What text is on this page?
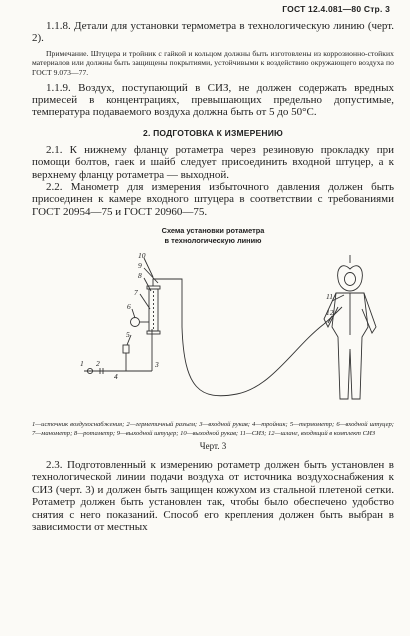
ГОСТ 12.4.081—80 Стр. 3

1.1.8. Детали для установки термометра в технологическую линию (черт. 2).

Примечание. Штуцера и тройник с гайкой и кольцом должны быть изготовлены из коррозионно-стойких материалов или должны быть защищены покрытиями, устойчивыми к воздействию окружающего воздуха по ГОСТ 9.073—77.

1.1.9. Воздух, поступающий в СИЗ, не должен содержать вредных примесей в концентрациях, превышающих предельно допустимые, температура подаваемого воздуха должна быть от 5 до 50°С.

2. ПОДГОТОВКА К ИЗМЕРЕНИЮ

2.1. К нижнему фланцу ротаметра через резиновую прокладку при помощи болтов, гаек и шайб следует присоединить входной штуцер, а к верхнему фланцу ротаметра — выходной.

2.2. Манометр для измерения избыточного давления должен быть присоединен к камере входного штуцера в соответствии с требованиями ГОСТ 20954—75 и ГОСТ 20960—75.

Схема установки ротаметра
в технологическую линию
10
9
8
7
6
5
1 2	3
4
11
12
1—источник воздухоснабжения; 2—герметичный разъем; 3—входной рукав; 4—тройник; 5—термометр; 6—входной штуцер; 7—манометр; 8—ротаметр; 9—выходной штуцер; 10—выходной рукав; 11—СИЗ; 12—шланг, входящий в комплект СИЗ
Черт. 3

2.3. Подготовленный к измерению ротаметр должен быть установлен в технологической линии подачи воздуха от источника воздухоснабжения к СИЗ (черт. 3) и должен быть защищен кожухом из стальной плетеной сетки. Ротаметр должен быть установлен так, чтобы было обеспечено удобство снятия с него показаний. Способ его крепления должен быть выбран в зависимости от местных
